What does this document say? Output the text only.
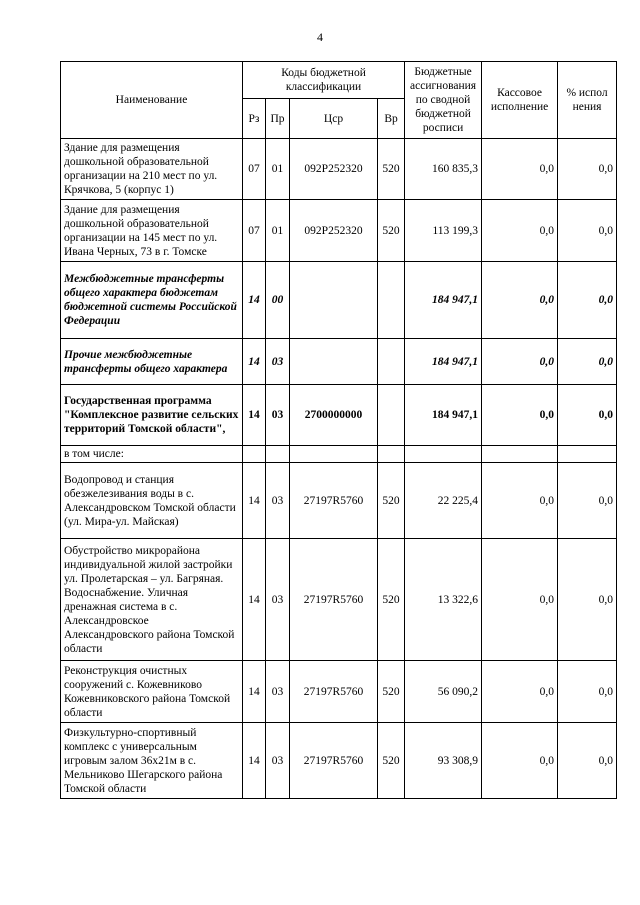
4
Наименование	Коды бюджетной классификации				Бюджетные ассигнования по сводной бюджетной росписи	Кассовое исполнение	% испол нения
	Рз	Пр	Цср	Вр			
Здание для размещения дошкольной образовательной организации на 210 мест по ул. Крячкова, 5 (корпус 1)	07	01	092P252320	520	160 835,3	0,0	0,0
Здание для размещения дошкольной образовательной организации на 145 мест по ул. Ивана Черных, 73 в г. Томске	07	01	092P252320	520	113 199,3	0,0	0,0
Межбюджетные трансферты общего характера бюджетам бюджетной системы Российской Федерации	14	00			184 947,1	0,0	0,0
Прочие межбюджетные трансферты общего характера	14	03			184 947,1	0,0	0,0
Государственная программа "Комплексное развитие сельских территорий Томской области",	14	03	2700000000		184 947,1	0,0	0,0
в том числе:							
Водопровод и станция обезжелезивания воды в с. Александровском Томской области (ул. Мира-ул. Майская)	14	03	27197R5760	520	22 225,4	0,0	0,0
Обустройство микрорайона индивидуальной жилой застройки ул. Пролетарская – ул. Багряная. Водоснабжение. Уличная дренажная система в с. Александровское Александровского района Томской области	14	03	27197R5760	520	13 322,6	0,0	0,0
Реконструкция очистных сооружений с. Кожевниково Кожевниковского района Томской области	14	03	27197R5760	520	56 090,2	0,0	0,0
Физкультурно-спортивный комплекс с универсальным игровым залом 36х21м в с. Мельниково Шегарского района Томской области	14	03	27197R5760	520	93 308,9	0,0	0,0
